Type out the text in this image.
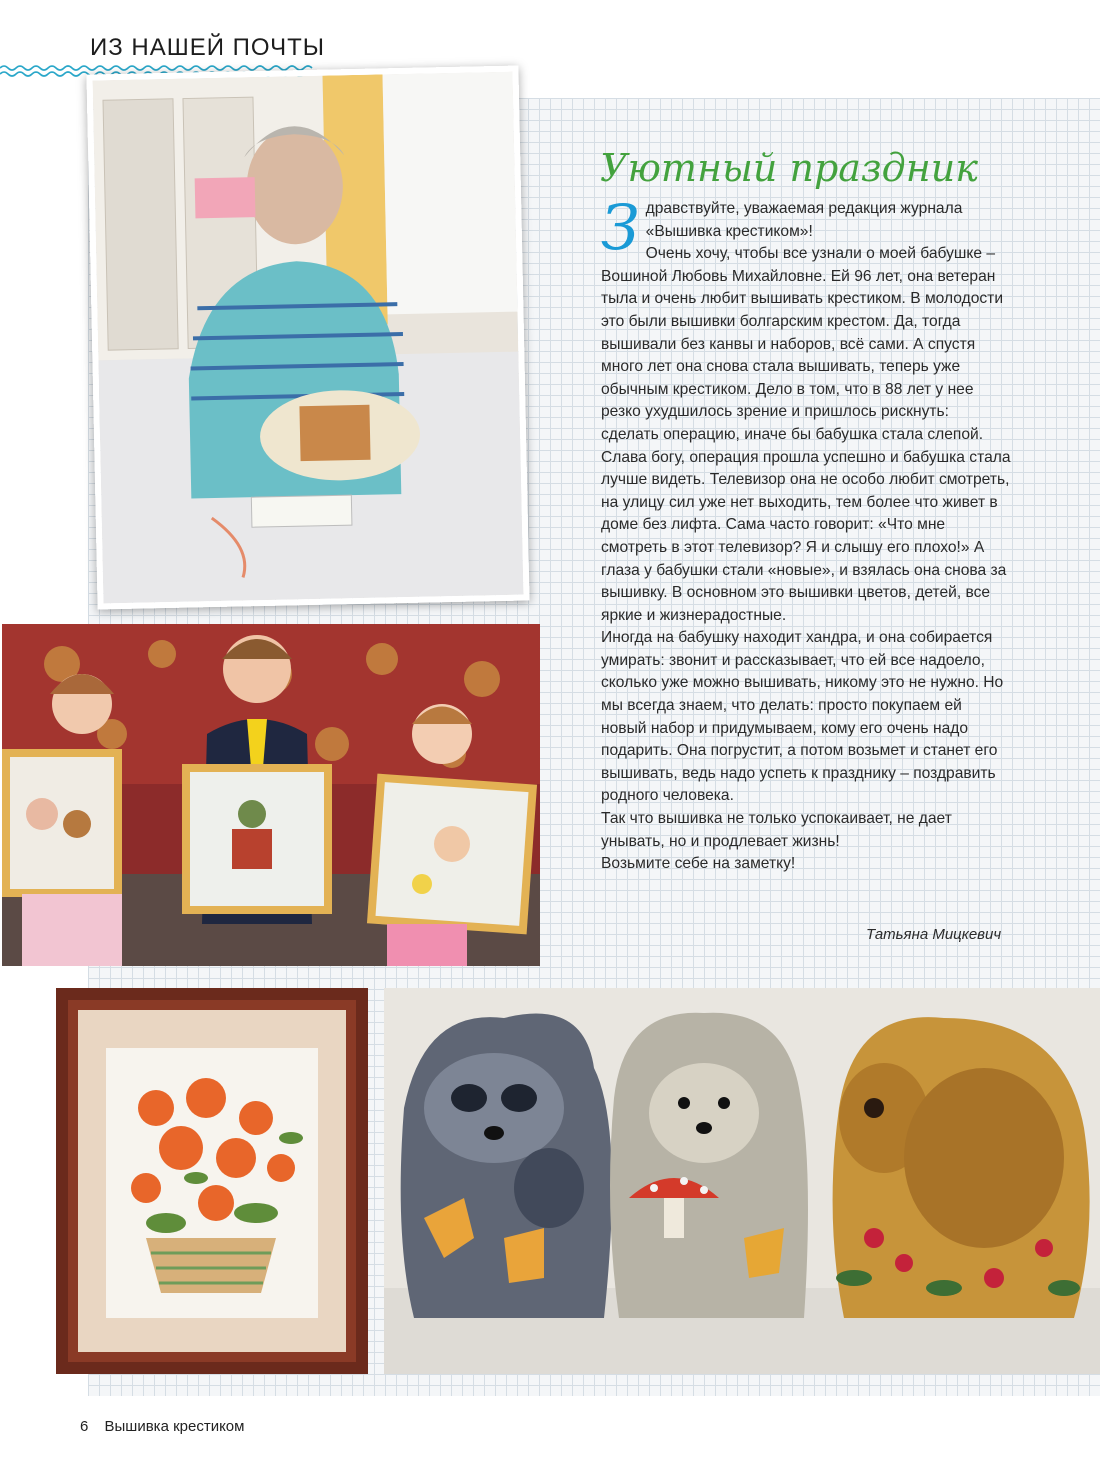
ИЗ НАШЕЙ ПОЧТЫ
Уютный праздник
З дравствуйте, уважаемая редакция журнала «Вышивка крестиком»!

Очень хочу, чтобы все узнали о моей бабушке – Вошиной Любовь Михайловне. Ей 96 лет, она ветеран тыла и очень любит вышивать крестиком. В молодости это были вышивки болгарским крестом. Да, тогда вышивали без канвы и наборов, всё сами. А спустя много лет она снова стала вышивать, теперь уже обычным крестиком. Дело в том, что в 88 лет у нее резко ухудшилось зрение и пришлось рискнуть: сделать операцию, иначе бы бабушка стала слепой. Слава богу, операция прошла успешно и бабушка стала лучше видеть. Телевизор она не особо любит смотреть, на улицу сил уже нет выходить, тем более что живет в доме без лифта. Сама часто говорит: «Что мне смотреть в этот телевизор? Я и слышу его плохо!» А глаза у бабушки стали «новые», и взялась она снова за вышивку. В основном это вышивки цветов, детей, все яркие и жизнерадостные.

Иногда на бабушку находит хандра, и она собирается умирать: звонит и рассказывает, что ей все надоело, сколько уже можно вышивать, никому это не нужно. Но мы всегда знаем, что делать: просто покупаем ей новый набор и придумываем, кому его очень надо подарить. Она погрустит, а потом возьмет и станет его вышивать, ведь надо успеть к празднику – поздравить родного человека.

Так что вышивка не только успокаивает, не дает унывать, но и продлевает жизнь!

Возьмите себе на заметку!

Татьяна Мицкевич
6 Вышивка крестиком
